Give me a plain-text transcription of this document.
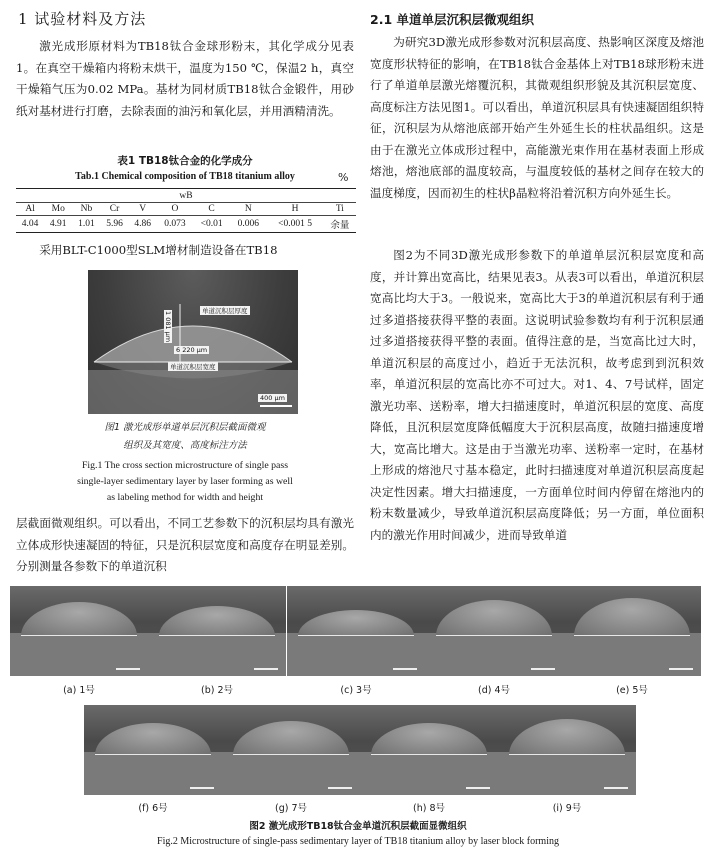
1 试验材料及方法
激光成形原材料为TB18钛合金球形粉末，其化学成分见表1。在真空干燥箱内将粉末烘干，温度为150 ℃，保温2 h，真空干燥箱气压为0.02 MPa。基材为同材质TB18钛合金锻件，用砂纸对基材进行打磨，去除表面的油污和氧化层，并用酒精清洗。
表1 TB18钛合金的化学成分
Tab.1 Chemical composition of TB18 titanium alloy	%
wB									
Al	Mo	Nb	Cr	V	O	C	N	H	Ti
4.04	4.91	1.01	5.96	4.86	0.073	<0.01	0.006	<0.001 5	余量
采用BLT-C1000型SLM增材制造设备在TB18
单道沉积层厚度
1 081 μm
6 220 μm
单道沉积层宽度
400 μm
图1 激光成形单道单层沉积层截面微观
组织及其宽度、高度标注方法
Fig.1 The cross section microstructure of single pass
single-layer sedimentary layer by laser forming as well
as labeling method for width and height
层截面微观组织。可以看出，不同工艺参数下的沉积层均具有激光立体成形快速凝固的特征，只是沉积层宽度和高度存在明显差别。分别测量各参数下的单道沉积
2.1 单道单层沉积层微观组织
为研究3D激光成形参数对沉积层高度、热影响区深度及熔池宽度形状特征的影响，在TB18钛合金基体上对TB18球形粉末进行了单道单层激光熔覆沉积，其微观组织形貌及其沉积层宽度、高度标注方法见图1。可以看出，单道沉积层具有快速凝固组织特征，沉积层为从熔池底部开始产生外延生长的柱状晶组织。这是由于在激光立体成形过程中，高能激光束作用在基材表面上形成熔池，熔池底部的温度较高，与温度较低的基材之间存在较大的温度梯度，因而初生的柱状β晶粒将沿着沉积方向外延生长。
图2为不同3D激光成形参数下的单道单层沉积层宽度和高度，并计算出宽高比，结果见表3。从表3可以看出，单道沉积层宽高比均大于3。一般说来，宽高比大于3的单道沉积层有利于通过多道搭接获得平整的表面。这说明试验参数均有利于沉积层通过多道搭接获得平整的表面。值得注意的是，当宽高比过大时，单道沉积层的高度过小，趋近于无法沉积，故考虑到到沉积效率，单道沉积层的宽高比亦不可过大。对1、4、7号试样，固定激光功率、送粉率，增大扫描速度时，单道沉积层的宽度、高度降低，且沉积层宽度降低幅度大于沉积层高度，故随扫描速度增大，宽高比增大。这是由于当激光功率、送粉率一定时，在基材上形成的熔池尺寸基本稳定，此时扫描速度对单道沉积层高度起决定性因素。增大扫描速度，一方面单位时间内停留在熔池内的粉末数量减少，导致单道沉积层高度降低；另一方面，单位面积内的激光作用时间减少，进而导致单道
(a) 1号	(b) 2号	(c) 3号	(d) 4号	(e) 5号
(f) 6号	(g) 7号	(h) 8号	(i) 9号
图2 激光成形TB18钛合金单道沉积层截面显微组织
Fig.2 Microstructure of single-pass sedimentary layer of TB18 titanium alloy by laser block forming
